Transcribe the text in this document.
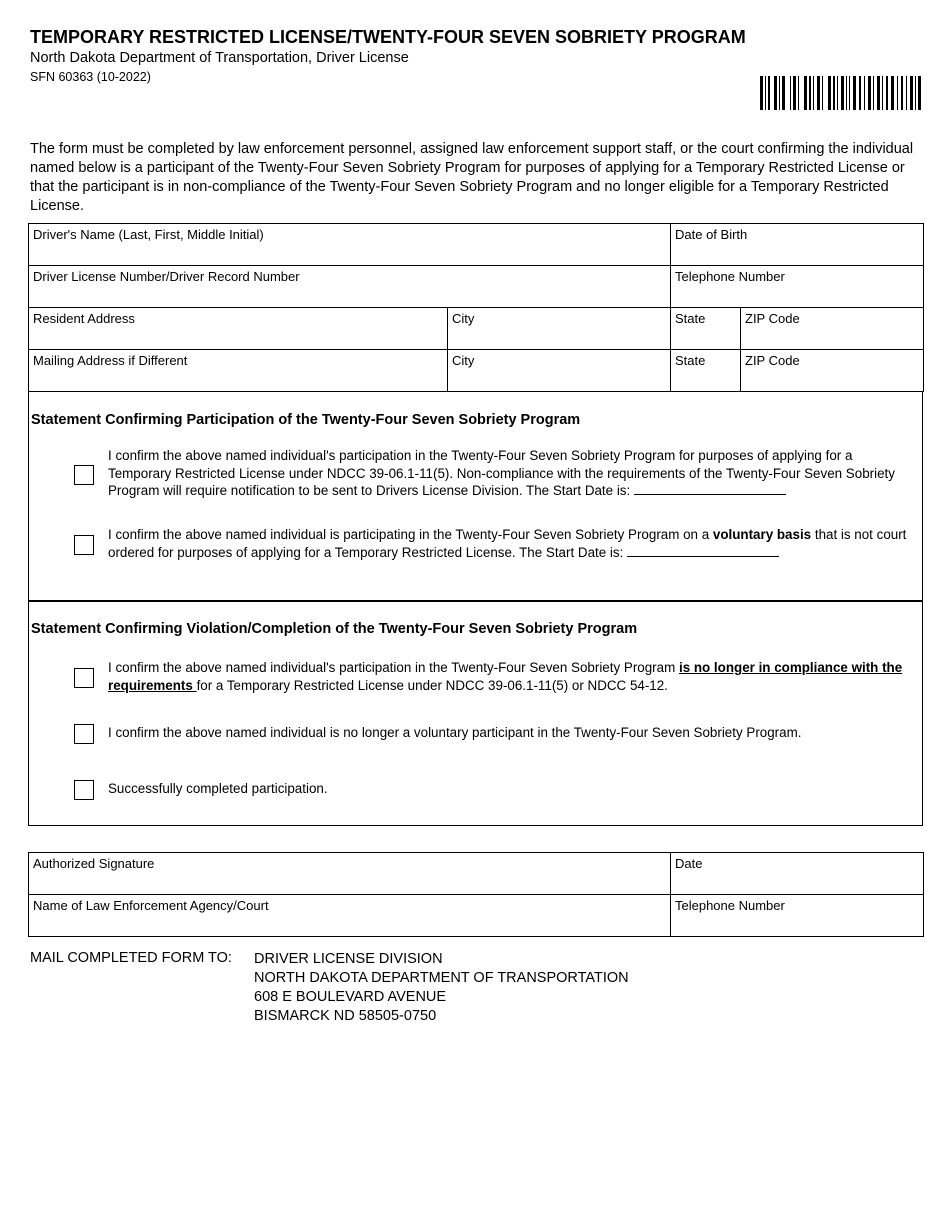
TEMPORARY RESTRICTED LICENSE/TWENTY-FOUR SEVEN SOBRIETY PROGRAM
North Dakota Department of Transportation, Driver License
SFN 60363 (10-2022)
The form must be completed by law enforcement personnel, assigned law enforcement support staff, or the court confirming the individual named below is a participant of the Twenty-Four Seven Sobriety Program for purposes of applying for a Temporary Restricted License or that the participant is in non-compliance of the Twenty-Four Seven Sobriety Program and no longer eligible for a Temporary Restricted License.
Driver's Name (Last, First, Middle Initial)		Date of Birth	
Driver License Number/Driver Record Number		Telephone Number	
Resident Address	City	State	ZIP Code
Mailing Address if Different	City	State	ZIP Code
Statement Confirming Participation of the Twenty-Four Seven Sobriety Program
I confirm the above named individual's participation in the Twenty-Four Seven Sobriety Program for purposes of applying for a Temporary Restricted License under NDCC 39-06.1-11(5). Non-compliance with the requirements of the Twenty-Four Seven Sobriety Program will require notification to be sent to Drivers License Division. The Start Date is:
I confirm the above named individual is participating in the Twenty-Four Seven Sobriety Program on a voluntary basis that is not court ordered for purposes of applying for a Temporary Restricted License. The Start Date is:
Statement Confirming Violation/Completion of the Twenty-Four Seven Sobriety Program
I confirm the above named individual's participation in the Twenty-Four Seven Sobriety Program is no longer in compliance with the requirements for a Temporary Restricted License under NDCC 39-06.1-11(5) or NDCC 54-12.
I confirm the above named individual is no longer a voluntary participant in the Twenty-Four Seven Sobriety Program.
Successfully completed participation.
Authorized Signature	Date
Name of Law Enforcement Agency/Court	Telephone Number
MAIL COMPLETED FORM TO: DRIVER LICENSE DIVISION
NORTH DAKOTA DEPARTMENT OF TRANSPORTATION
608 E BOULEVARD AVENUE
BISMARCK ND 58505-0750
